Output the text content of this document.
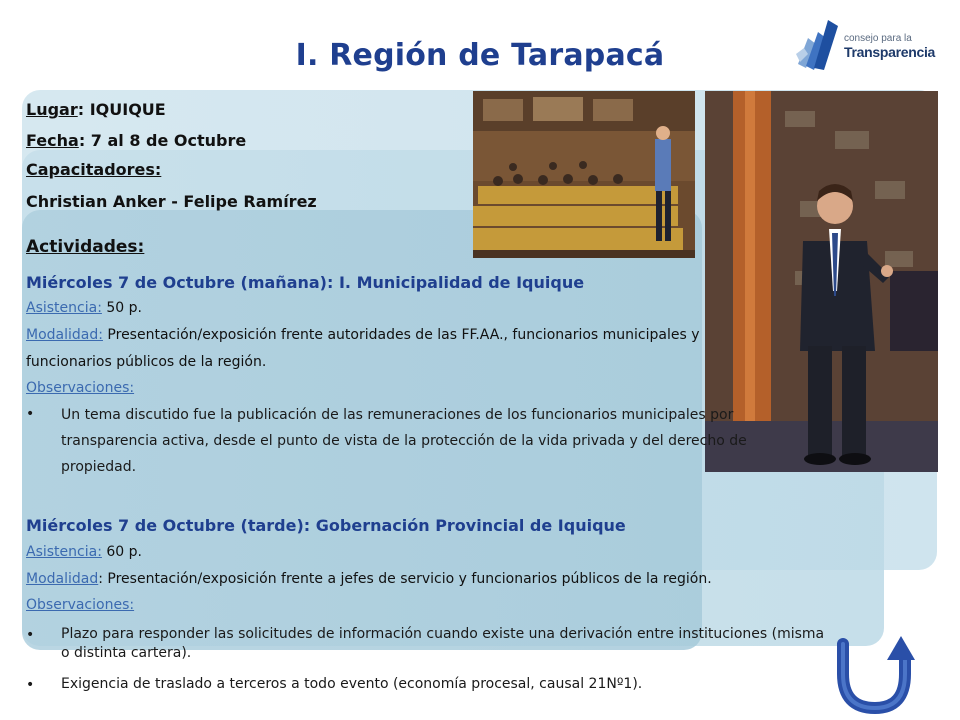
I. Región de Tarapacá	consejo para la
Transparencia
Lugar: IQUIQUE
Fecha: 7 al 8 de Octubre
Capacitadores:
Christian Anker - Felipe Ramírez
Actividades:
Miércoles 7 de Octubre (mañana): I. Municipalidad de Iquique
Asistencia: 50 p.
Modalidad: Presentación/exposición frente autoridades de las FF.AA., funcionarios municipales y
funcionarios públicos de la región.
Observaciones:
• Un tema discutido fue la publicación de las remuneraciones de los funcionarios municipales por transparencia activa, desde el punto de vista de la protección de la vida privada y del derecho de propiedad.
Miércoles 7 de Octubre (tarde): Gobernación Provincial de Iquique
Asistencia: 60 p.
Modalidad: Presentación/exposición frente a jefes de servicio y funcionarios públicos de la región.
Observaciones:
• Plazo para responder las solicitudes de información cuando existe una derivación entre instituciones (misma o distinta cartera).
• Exigencia de traslado a terceros a todo evento (economía procesal, causal 21Nº1).
